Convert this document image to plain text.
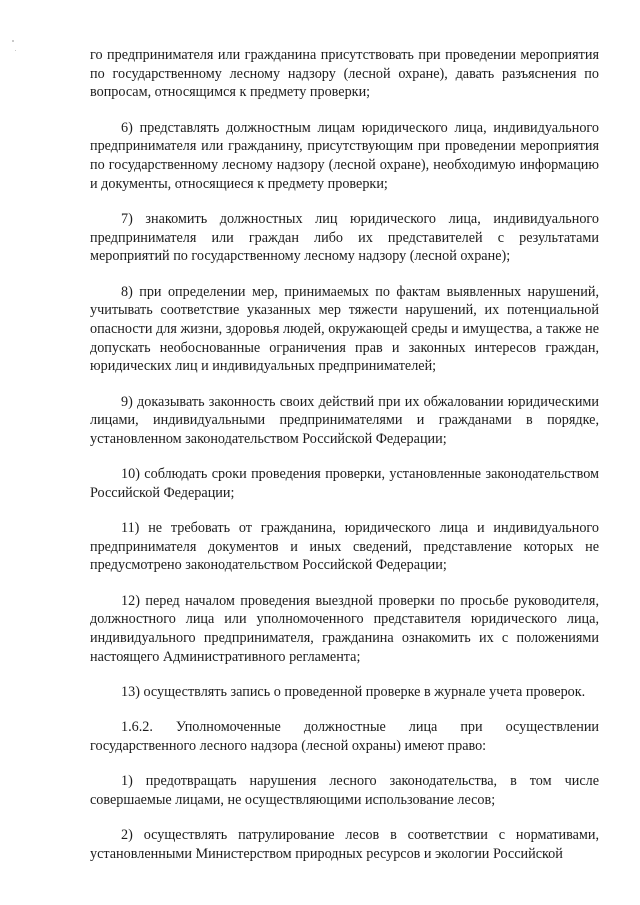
го предпринимателя или гражданина присутствовать при проведении мероприятия по государственному лесному надзору (лесной охране), давать разъяснения по вопросам, относящимся к предмету проверки;

6) представлять должностным лицам юридического лица, индивидуального предпринимателя или гражданину, присутствующим при проведении мероприятия по государственному лесному надзору (лесной охране), необходимую информацию и документы, относящиеся к предмету проверки;

7) знакомить должностных лиц юридического лица, индивидуального предпринимателя или граждан либо их представителей с результатами мероприятий по государственному лесному надзору (лесной охране);

8) при определении мер, принимаемых по фактам выявленных нарушений, учитывать соответствие указанных мер тяжести нарушений, их потенциальной опасности для жизни, здоровья людей, окружающей среды и имущества, а также не допускать необоснованные ограничения прав и законных интересов граждан, юридических лиц и индивидуальных предпринимателей;

9) доказывать законность своих действий при их обжаловании юридическими лицами, индивидуальными предпринимателями и гражданами в порядке, установленном законодательством Российской Федерации;

10) соблюдать сроки проведения проверки, установленные законодательством Российской Федерации;

11) не требовать от гражданина, юридического лица и индивидуального предпринимателя документов и иных сведений, представление которых не предусмотрено законодательством Российской Федерации;

12) перед началом проведения выездной проверки по просьбе руководителя, должностного лица или уполномоченного представителя юридического лица, индивидуального предпринимателя, гражданина ознакомить их с положениями настоящего Административного регламента;

13) осуществлять запись о проведенной проверке в журнале учета проверок.

1.6.2. Уполномоченные должностные лица при осуществлении государственного лесного надзора (лесной охраны) имеют право:

1) предотвращать нарушения лесного законодательства, в том числе совершаемые лицами, не осуществляющими использование лесов;

2) осуществлять патрулирование лесов в соответствии с нормативами, установленными Министерством природных ресурсов и экологии Российской
